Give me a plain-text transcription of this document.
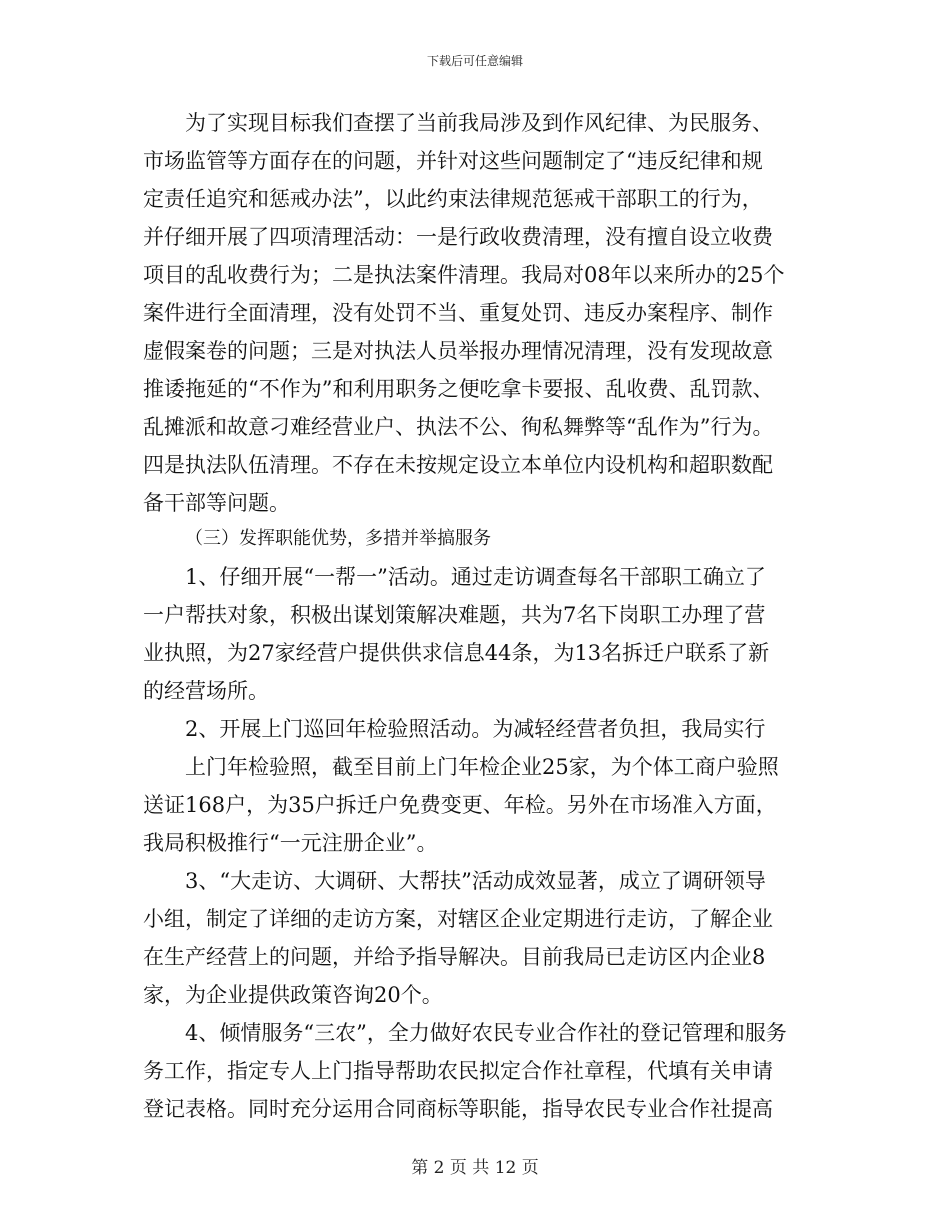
下载后可任意编辑
为了实现目标我们查摆了当前我局涉及到作风纪律、为民服务、
市场监管等方面存在的问题，并针对这些问题制定了“违反纪律和规
定责任追究和惩戒办法”，以此约束法律规范惩戒干部职工的行为，
并仔细开展了四项清理活动：一是行政收费清理，没有擅自设立收费
项目的乱收费行为；二是执法案件清理。我局对08年以来所办的25个
案件进行全面清理，没有处罚不当、重复处罚、违反办案程序、制作
虚假案卷的问题；三是对执法人员举报办理情况清理，没有发现故意
推诿拖延的“不作为”和利用职务之便吃拿卡要报、乱收费、乱罚款、
乱摊派和故意刁难经营业户、执法不公、徇私舞弊等“乱作为”行为。
四是执法队伍清理。不存在未按规定设立本单位内设机构和超职数配
备干部等问题。
（三）发挥职能优势，多措并举搞服务
1、仔细开展“一帮一”活动。通过走访调查每名干部职工确立了
一户帮扶对象，积极出谋划策解决难题，共为7名下岗职工办理了营
业执照，为27家经营户提供供求信息44条，为13名拆迁户联系了新
的经营场所。
2、开展上门巡回年检验照活动。为减轻经营者负担，我局实行
上门年检验照，截至目前上门年检企业25家，为个体工商户验照
送证168户，为35户拆迁户免费变更、年检。另外在市场准入方面，
我局积极推行“一元注册企业”。
3、“大走访、大调研、大帮扶”活动成效显著，成立了调研领导
小组，制定了详细的走访方案，对辖区企业定期进行走访，了解企业
在生产经营上的问题，并给予指导解决。目前我局已走访区内企业8
家，为企业提供政策咨询20个。
4、倾情服务“三农”，全力做好农民专业合作社的登记管理和服务
务工作，指定专人上门指导帮助农民拟定合作社章程，代填有关申请
登记表格。同时充分运用合同商标等职能，指导农民专业合作社提高
第 2 页 共 12 页
